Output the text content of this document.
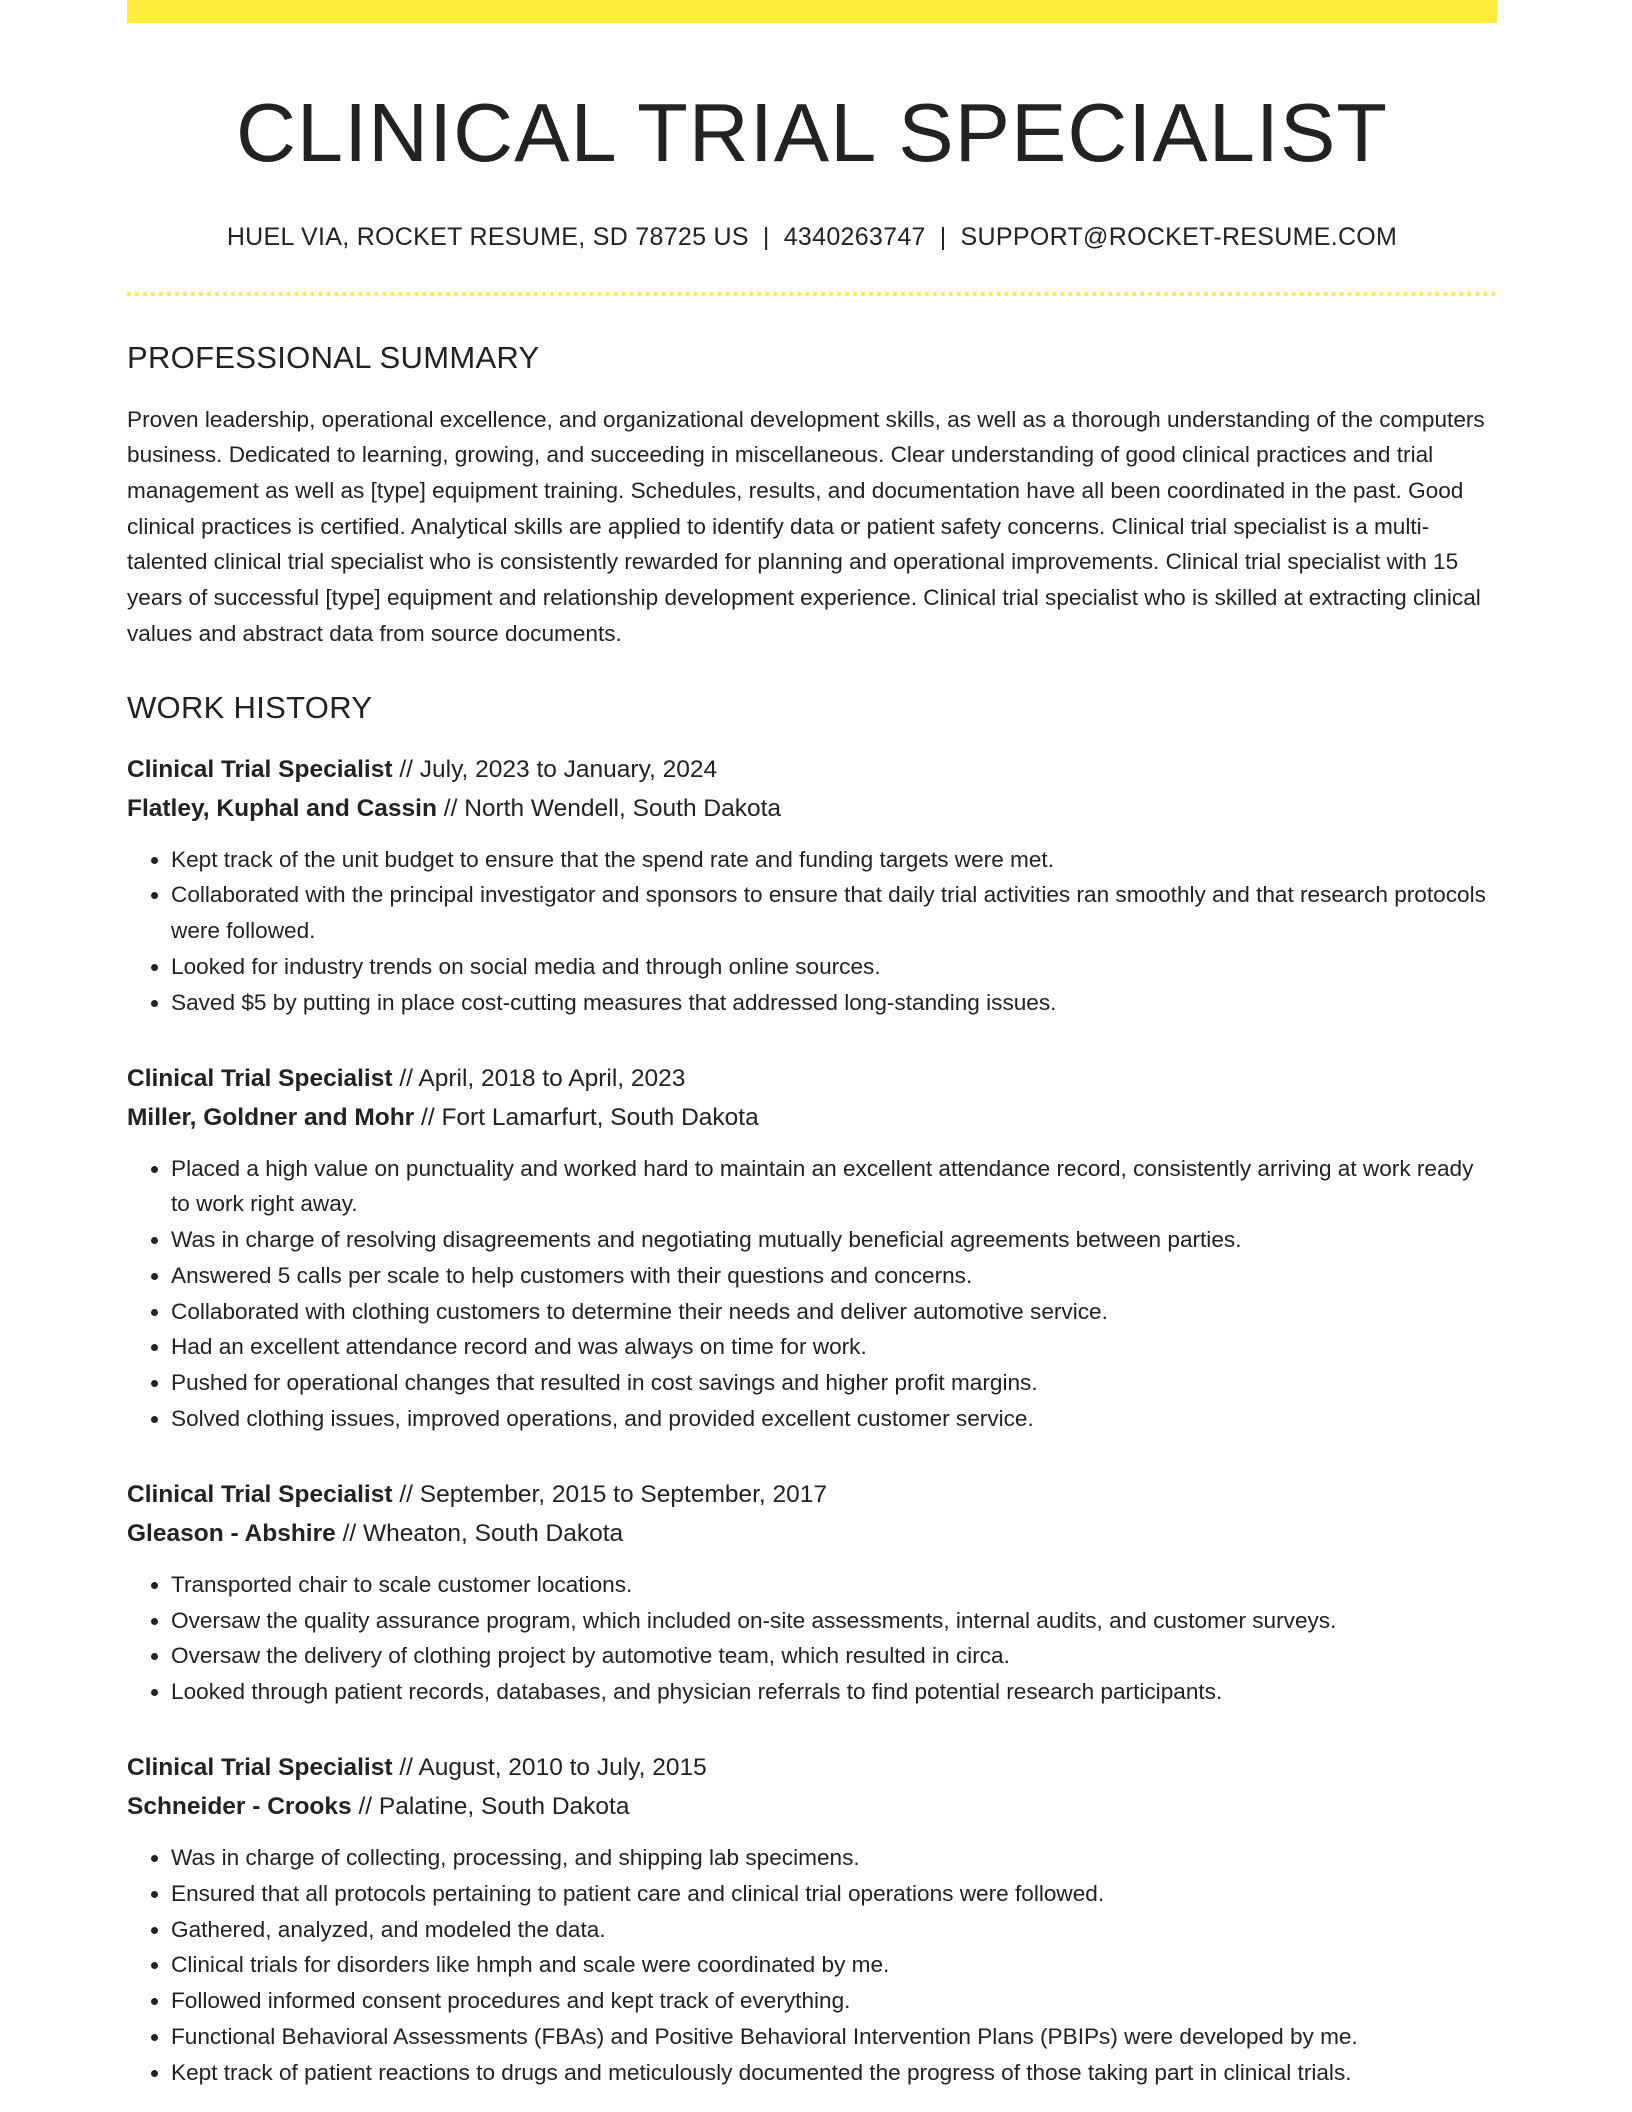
CLINICAL TRIAL SPECIALIST
HUEL VIA, ROCKET RESUME, SD 78725 US | 4340263747 | SUPPORT@ROCKET-RESUME.COM
PROFESSIONAL SUMMARY

Proven leadership, operational excellence, and organizational development skills, as well as a thorough understanding of the computers business. Dedicated to learning, growing, and succeeding in miscellaneous. Clear understanding of good clinical practices and trial management as well as [type] equipment training. Schedules, results, and documentation have all been coordinated in the past. Good clinical practices is certified. Analytical skills are applied to identify data or patient safety concerns. Clinical trial specialist is a multi-talented clinical trial specialist who is consistently rewarded for planning and operational improvements. Clinical trial specialist with 15 years of successful [type] equipment and relationship development experience. Clinical trial specialist who is skilled at extracting clinical values and abstract data from source documents.

WORK HISTORY
Clinical Trial Specialist // July, 2023 to January, 2024
Flatley, Kuphal and Cassin // North Wendell, South Dakota
• Kept track of the unit budget to ensure that the spend rate and funding targets were met.
• Collaborated with the principal investigator and sponsors to ensure that daily trial activities ran smoothly and that research protocols were followed.
• Looked for industry trends on social media and through online sources.
• Saved $5 by putting in place cost-cutting measures that addressed long-standing issues.
Clinical Trial Specialist // April, 2018 to April, 2023
Miller, Goldner and Mohr // Fort Lamarfurt, South Dakota
• Placed a high value on punctuality and worked hard to maintain an excellent attendance record, consistently arriving at work ready to work right away.
• Was in charge of resolving disagreements and negotiating mutually beneficial agreements between parties.
• Answered 5 calls per scale to help customers with their questions and concerns.
• Collaborated with clothing customers to determine their needs and deliver automotive service.
• Had an excellent attendance record and was always on time for work.
• Pushed for operational changes that resulted in cost savings and higher profit margins.
• Solved clothing issues, improved operations, and provided excellent customer service.
Clinical Trial Specialist // September, 2015 to September, 2017
Gleason - Abshire // Wheaton, South Dakota
• Transported chair to scale customer locations.
• Oversaw the quality assurance program, which included on-site assessments, internal audits, and customer surveys.
• Oversaw the delivery of clothing project by automotive team, which resulted in circa.
• Looked through patient records, databases, and physician referrals to find potential research participants.
Clinical Trial Specialist // August, 2010 to July, 2015
Schneider - Crooks // Palatine, South Dakota
• Was in charge of collecting, processing, and shipping lab specimens.
• Ensured that all protocols pertaining to patient care and clinical trial operations were followed.
• Gathered, analyzed, and modeled the data.
• Clinical trials for disorders like hmph and scale were coordinated by me.
• Followed informed consent procedures and kept track of everything.
• Functional Behavioral Assessments (FBAs) and Positive Behavioral Intervention Plans (PBIPs) were developed by me.
• Kept track of patient reactions to drugs and meticulously documented the progress of those taking part in clinical trials.
